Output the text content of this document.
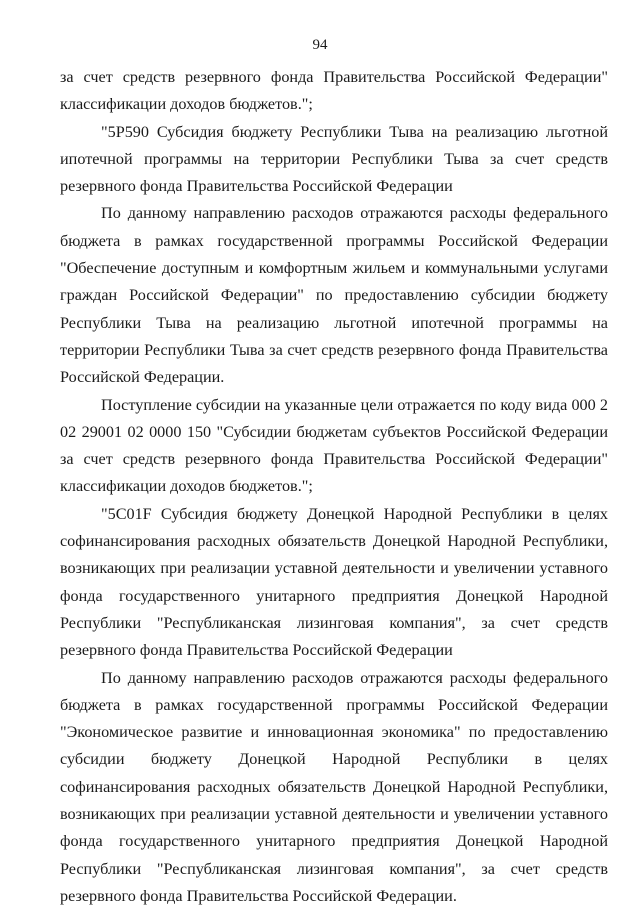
94

за счет средств резервного фонда Правительства Российской Федерации" классификации доходов бюджетов.";

"5Р590 Субсидия бюджету Республики Тыва на реализацию льготной ипотечной программы на территории Республики Тыва за счет средств резервного фонда Правительства Российской Федерации

По данному направлению расходов отражаются расходы федерального бюджета в рамках государственной программы Российской Федерации "Обеспечение доступным и комфортным жильем и коммунальными услугами граждан Российской Федерации" по предоставлению субсидии бюджету Республики Тыва на реализацию льготной ипотечной программы на территории Республики Тыва за счет средств резервного фонда Правительства Российской Федерации.

Поступление субсидии на указанные цели отражается по коду вида 000 2 02 29001 02 0000 150 "Субсидии бюджетам субъектов Российской Федерации за счет средств резервного фонда Правительства Российской Федерации" классификации доходов бюджетов.";

"5С01F Субсидия бюджету Донецкой Народной Республики в целях софинансирования расходных обязательств Донецкой Народной Республики, возникающих при реализации уставной деятельности и увеличении уставного фонда государственного унитарного предприятия Донецкой Народной Республики "Республиканская лизинговая компания", за счет средств резервного фонда Правительства Российской Федерации

По данному направлению расходов отражаются расходы федерального бюджета в рамках государственной программы Российской Федерации "Экономическое развитие и инновационная экономика" по предоставлению субсидии бюджету Донецкой Народной Республики в целях софинансирования расходных обязательств Донецкой Народной Республики, возникающих при реализации уставной деятельности и увеличении уставного фонда государственного унитарного предприятия Донецкой Народной Республики "Республиканская лизинговая компания", за счет средств резервного фонда Правительства Российской Федерации.
